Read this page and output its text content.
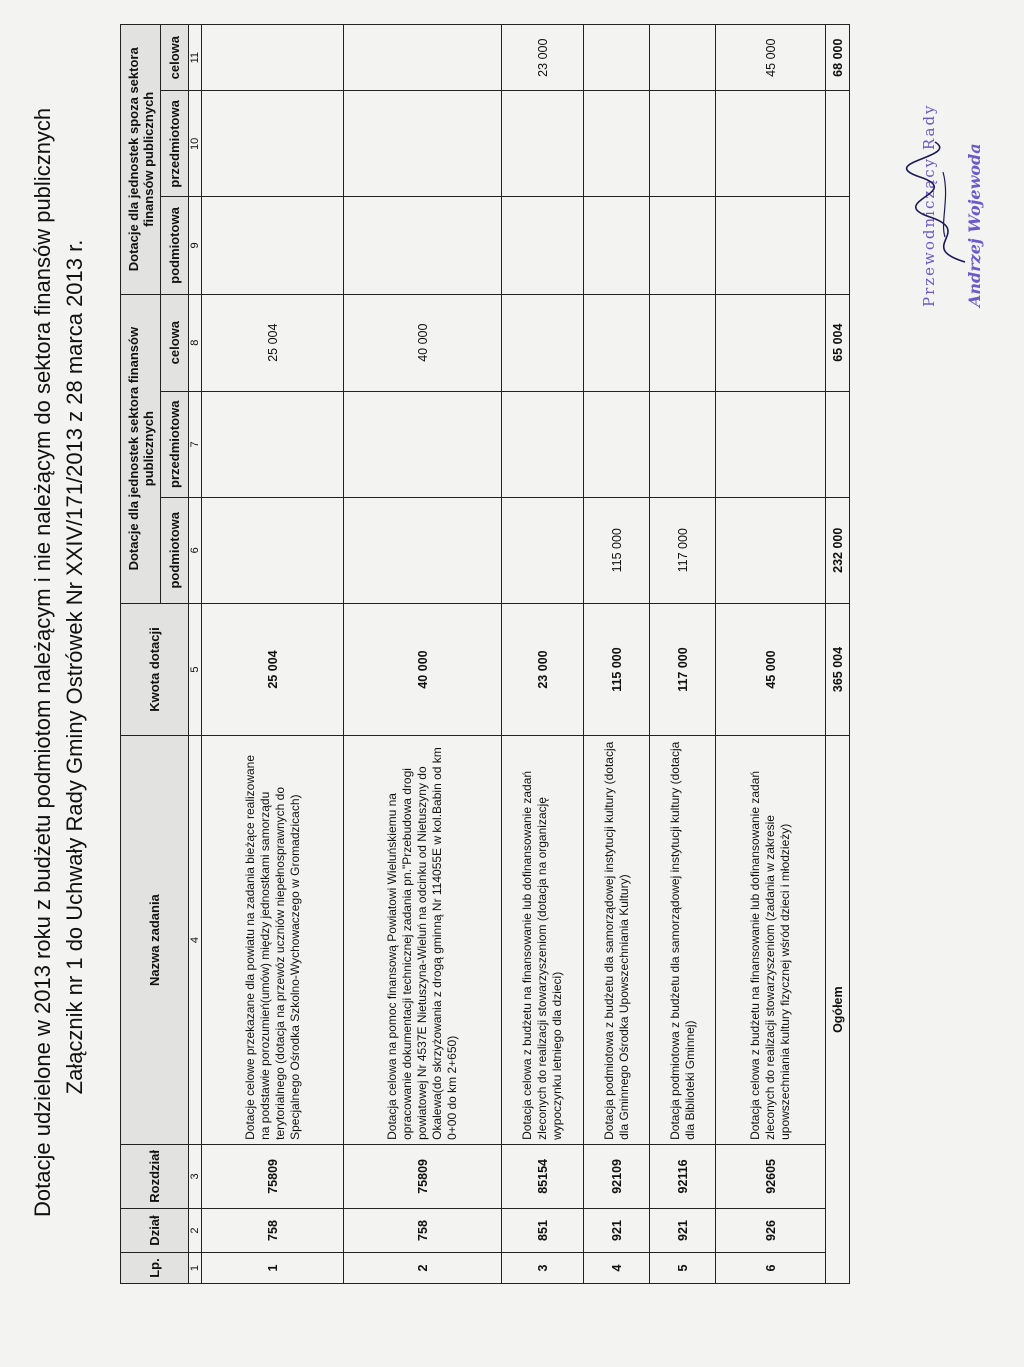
Dotacje udzielone w 2013 roku z budżetu podmiotom należącym i nie należącym do sektora finansów publicznych Załącznik nr 1 do Uchwały Rady Gminy Ostrówek Nr XXIV/171/2013 z 28 marca 2013 r.
Lp.	Dział	Rozdział	Nazwa zadania	Kwota dotacji	Dotacje dla jednostek sektora finansów publicznych			Dotacje dla jednostek spoza sektora finansów publicznych		
					podmiotowa	przedmiotowa	celowa	podmiotowa	przedmiotowa	celowa
1	2	3	4	5	6	7	8	9	10	11
1	758	75809	Dotacje celowe przekazane dla powiatu na zadania bieżące realizowane na podstawie porozumień(umów) między jednostkami samorządu terytorialnego (dotacja na przewóz uczniów niepełnosprawnych do Specjalnego Ośrodka Szkolno-Wychowaczego w Gromadzicach)	25 004			25 004			
2	758	75809	Dotacja celowa na pomoc finansową Powiatowi Wieluńskiemu na opracowanie dokumentacji technicznej zadania pn."Przebudowa drogi powiatowej Nr 4537E Nietuszyna-Wieluń na odcinku od Nietuszyny do Okalewa(do skrzyżowania z drogą gminną Nr 114055E w kol.Babin od km 0+00 do km 2+650)	40 000			40 000			
3	851	85154	Dotacja celowa z budżetu na finansowanie lub dofinansowanie zadań zleconych do realizacji stowarzyszeniom (dotacja na organizację wypoczynku letniego dla dzieci)	23 000						23 000
4	921	92109	Dotacja podmiotowa z budżetu dla samorządowej instytucji kultury (dotacja dla Gminnego Ośrodka Upowszechniania Kultury)	115 000	115 000					
5	921	92116	Dotacja podmiotowa z budżetu dla samorządowej instytucji kultury (dotacja dla Biblioteki Gminnej)	117 000	117 000					
6	926	92605	Dotacja celowa z budżetu na finansowanie lub dofinansowanie zadań zleconych do realizacji stowarzyszeniom (zadania w zakresie upowszechniania kultury fizycznej wśród dzieci i młodzieży)	45 000						45 000
Ogółem				365 004	232 000		65 004			68 000
Przewodniczący Rady Andrzej Wojewoda
